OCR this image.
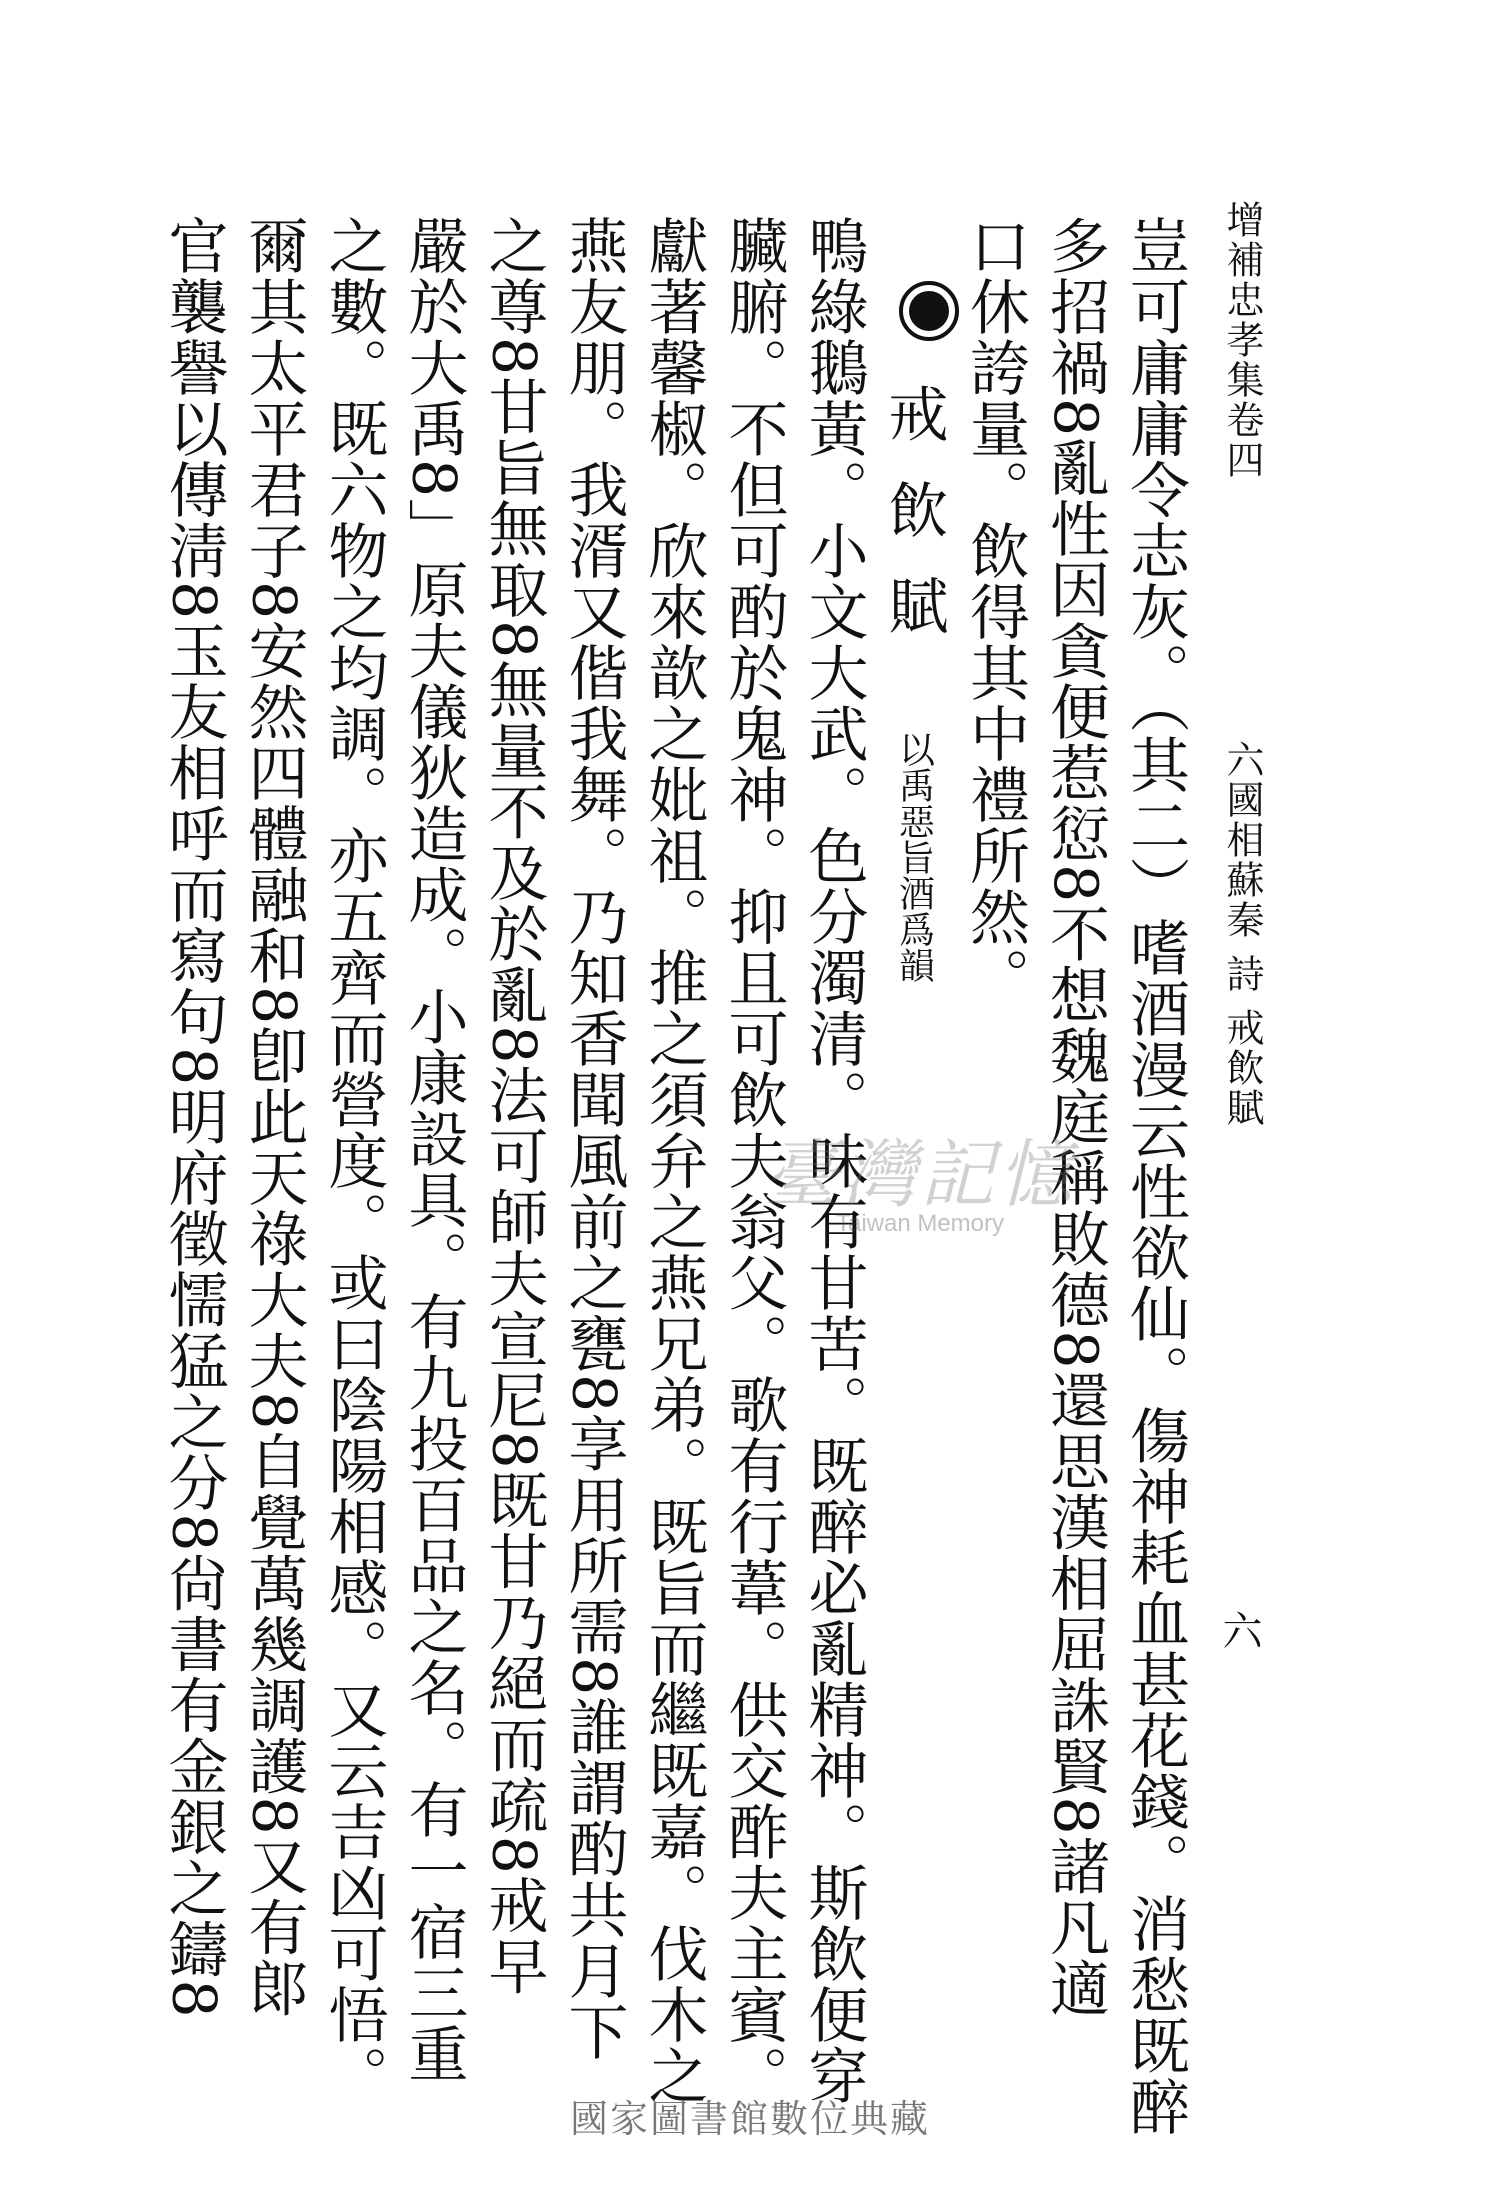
增補忠孝集卷四六國相蘇秦 詩 戒飲賦
六
豈可庸庸令志灰。（其二）嗜酒漫云性欲仙。傷神耗血甚花錢。消愁既醉
多招禍8亂性因貪便惹愆8不想魏庭稱敗德8還思漢相屈誅賢8諸凡適
口休誇量。飲得其中禮所然。
戒飲賦 以禹惡旨酒爲韻
鴨綠鵝黃。小文大武。色分濁清。味有甘苦。既醉必亂精神。斯飲便穿
臟腑。不但可酌於鬼神。抑且可飲夫翁父。歌有行葦。供交酢夫主賓。
獻著馨椒。欣來歆之妣祖。推之須弁之燕兄弟。既旨而繼既嘉。伐木之
燕友朋。我湑又偕我舞。乃知香聞風前之甕8享用所需8誰謂酌共月下
之尊8甘旨無取8無量不及於亂8法可師夫宣尼8既甘乃絕而疏8戒早
嚴於大禹8」原夫儀狄造成。小康設具。有九投百品之名。有一宿三重
之數。既六物之均調。亦五齊而營度。或曰陰陽相感。又云吉凶可悟。
爾其太平君子8安然四體融和8卽此天祿大夫8自覺萬幾調護8又有郞
官襲譽以傳淸8玉友相呼而寫句8明府徵懦猛之分8尙書有金銀之鑄8	臺灣記憶
Taiwan Memory
國家圖書館數位典藏
